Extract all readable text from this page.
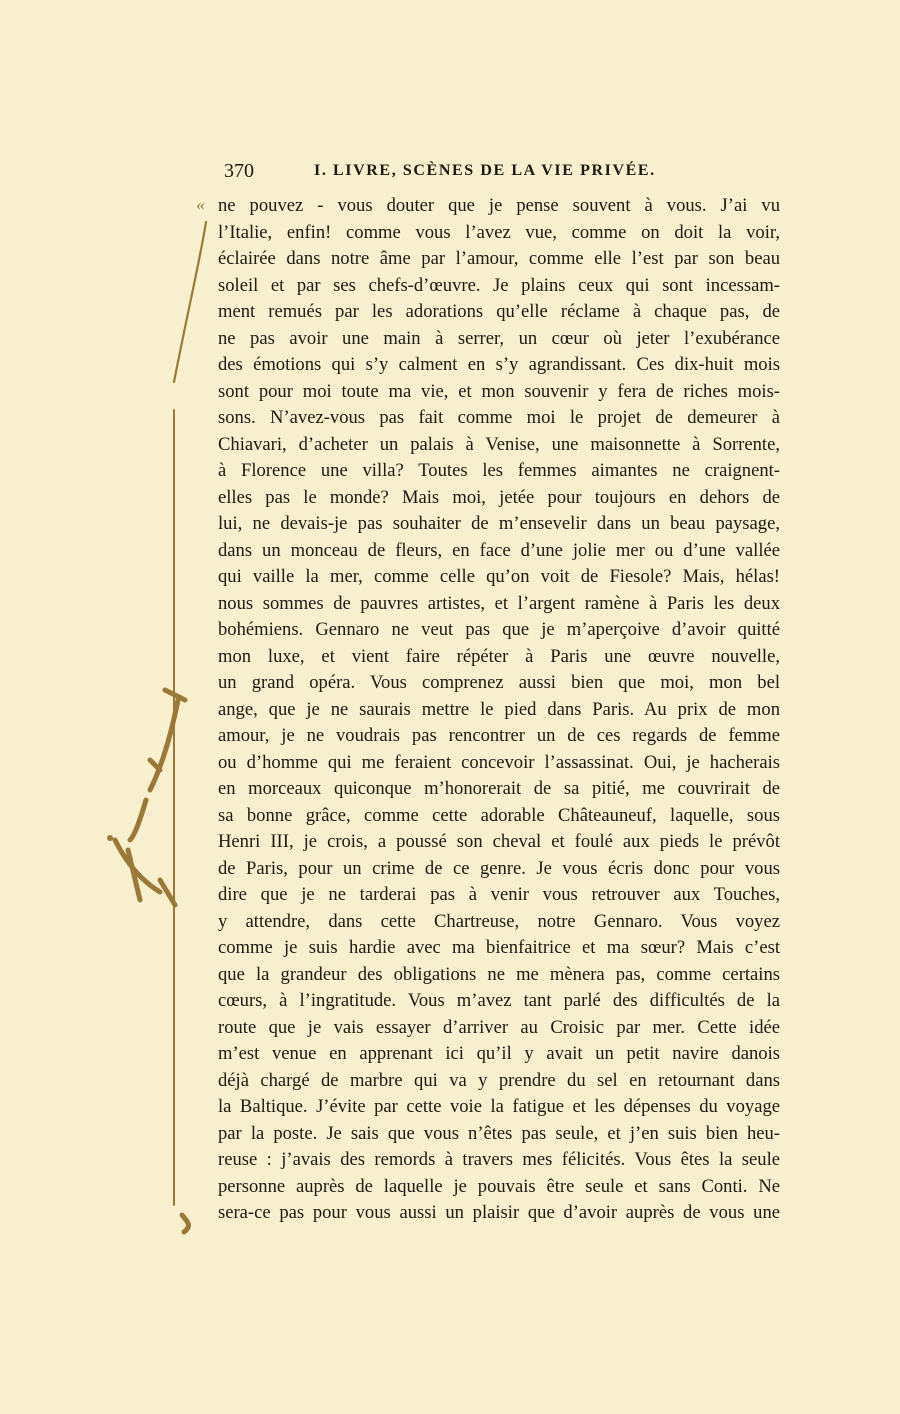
370	I. LIVRE, SCÈNES DE LA VIE PRIVÉE.
« ne pouvez - vous douter que je pense souvent à vous. J’ai vu
l’Italie, enfin! comme vous l’avez vue, comme on doit la voir,
éclairée dans notre âme par l’amour, comme elle l’est par son beau
soleil et par ses chefs-d’œuvre. Je plains ceux qui sont incessam-
ment remués par les adorations qu’elle réclame à chaque pas, de
ne pas avoir une main à serrer, un cœur où jeter l’exubérance
des émotions qui s’y calment en s’y agrandissant. Ces dix-huit mois
sont pour moi toute ma vie, et mon souvenir y fera de riches mois-
sons. N’avez-vous pas fait comme moi le projet de demeurer à
Chiavari, d’acheter un palais à Venise, une maisonnette à Sorrente,
à Florence une villa? Toutes les femmes aimantes ne craignent-
elles pas le monde? Mais moi, jetée pour toujours en dehors de
lui, ne devais-je pas souhaiter de m’ensevelir dans un beau paysage,
dans un monceau de fleurs, en face d’une jolie mer ou d’une vallée
qui vaille la mer, comme celle qu’on voit de Fiesole? Mais, hélas!
nous sommes de pauvres artistes, et l’argent ramène à Paris les deux
bohémiens. Gennaro ne veut pas que je m’aperçoive d’avoir quitté
mon luxe, et vient faire répéter à Paris une œuvre nouvelle,
un grand opéra. Vous comprenez aussi bien que moi, mon bel
ange, que je ne saurais mettre le pied dans Paris. Au prix de mon
amour, je ne voudrais pas rencontrer un de ces regards de femme
ou d’homme qui me feraient concevoir l’assassinat. Oui, je hacherais
en morceaux quiconque m’honorerait de sa pitié, me couvrirait de
sa bonne grâce, comme cette adorable Châteauneuf, laquelle, sous
Henri III, je crois, a poussé son cheval et foulé aux pieds le prévôt
de Paris, pour un crime de ce genre. Je vous écris donc pour vous
dire que je ne tarderai pas à venir vous retrouver aux Touches,
y attendre, dans cette Chartreuse, notre Gennaro. Vous voyez
comme je suis hardie avec ma bienfaitrice et ma sœur? Mais c’est
que la grandeur des obligations ne me mènera pas, comme certains
cœurs, à l’ingratitude. Vous m’avez tant parlé des difficultés de la
route que je vais essayer d’arriver au Croisic par mer. Cette idée
m’est venue en apprenant ici qu’il y avait un petit navire danois
déjà chargé de marbre qui va y prendre du sel en retournant dans
la Baltique. J’évite par cette voie la fatigue et les dépenses du voyage
par la poste. Je sais que vous n’êtes pas seule, et j’en suis bien heu-
reuse : j’avais des remords à travers mes félicités. Vous êtes la seule
personne auprès de laquelle je pouvais être seule et sans Conti. Ne
sera-ce pas pour vous aussi un plaisir que d’avoir auprès de vous une
